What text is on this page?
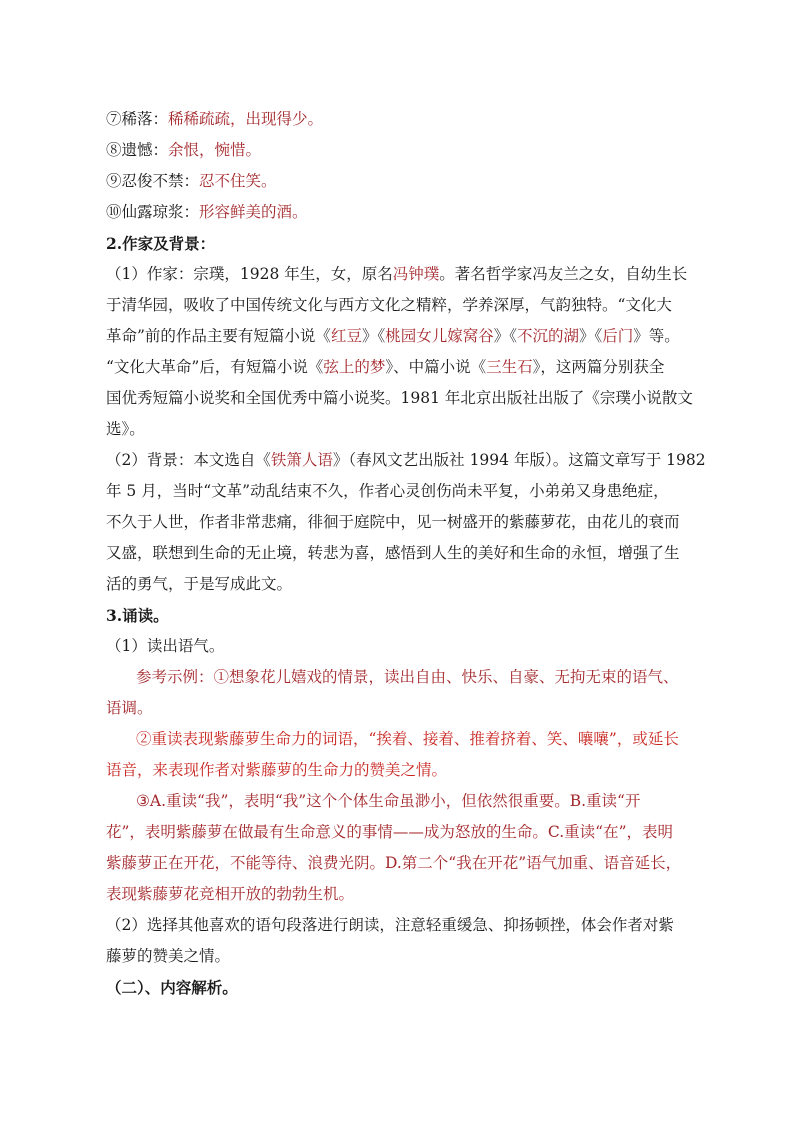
⑦稀落：稀稀疏疏，出现得少。
⑧遗憾：余恨，惋惜。
⑨忍俊不禁：忍不住笑。
⑩仙露琼浆：形容鲜美的酒。
2.作家及背景：
（1）作家：宗璞，1928 年生，女，原名冯钟璞。著名哲学家冯友兰之女，自幼生长
于清华园，吸收了中国传统文化与西方文化之精粹，学养深厚，气韵独特。“文化大
革命”前的作品主要有短篇小说《红豆》《桃园女儿嫁窝谷》《不沉的湖》《后门》等。
“文化大革命”后，有短篇小说《弦上的梦》、中篇小说《三生石》，这两篇分别获全
国优秀短篇小说奖和全国优秀中篇小说奖。1981 年北京出版社出版了《宗璞小说散文
选》。
（2）背景：本文选自《铁箫人语》（春风文艺出版社 1994 年版）。这篇文章写于 1982
年 5 月，当时“文革”动乱结束不久，作者心灵创伤尚未平复，小弟弟又身患绝症，
不久于人世，作者非常悲痛，徘徊于庭院中，见一树盛开的紫藤萝花，由花儿的衰而
又盛，联想到生命的无止境，转悲为喜，感悟到人生的美好和生命的永恒，增强了生
活的勇气，于是写成此文。
3.诵读。
（1）读出语气。
参考示例：①想象花儿嬉戏的情景，读出自由、快乐、自豪、无拘无束的语气、
语调。
②重读表现紫藤萝生命力的词语，“挨着、接着、推着挤着、笑、嚷嚷”，或延长
语音，来表现作者对紫藤萝的生命力的赞美之情。
③A.重读“我”，表明“我”这个个体生命虽渺小，但依然很重要。B.重读“开
花”，表明紫藤萝在做最有生命意义的事情——成为怒放的生命。C.重读“在”，表明
紫藤萝正在开花，不能等待、浪费光阴。D.第二个“我在开花”语气加重、语音延长，
表现紫藤萝花竞相开放的勃勃生机。
（2）选择其他喜欢的语句段落进行朗读，注意轻重缓急、抑扬顿挫，体会作者对紫
藤萝的赞美之情。
（二）、内容解析。
